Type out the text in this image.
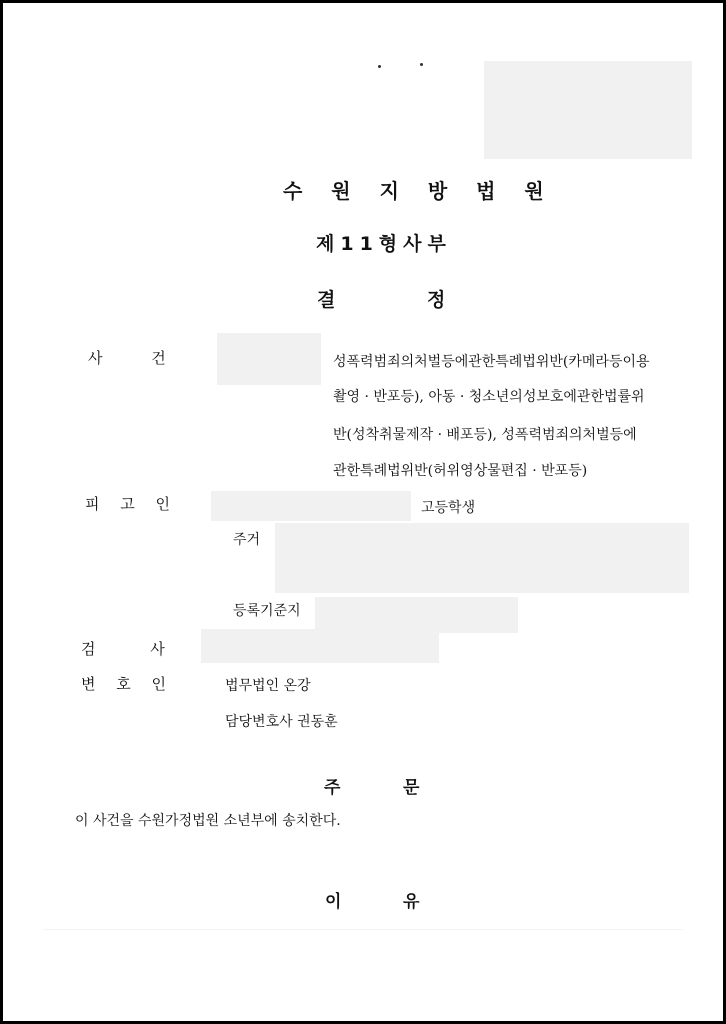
수 원 지 방 법 원
제11형사부
결	정
사 건	성폭력범죄의처벌등에관한특례법위반(카메라등이용
촬영 · 반포등), 아동 · 청소년의성보호에관한법률위
반(성착취물제작 · 배포등), 성폭력범죄의처벌등에
관한특례법위반(허위영상물편집 · 반포등)
피 고 인	고등학생
주거
등록기준지
검 사
변 호 인	법무법인 온강
담당변호사 권동훈
주	문
이 사건을 수원가정법원 소년부에 송치한다.
이	유
